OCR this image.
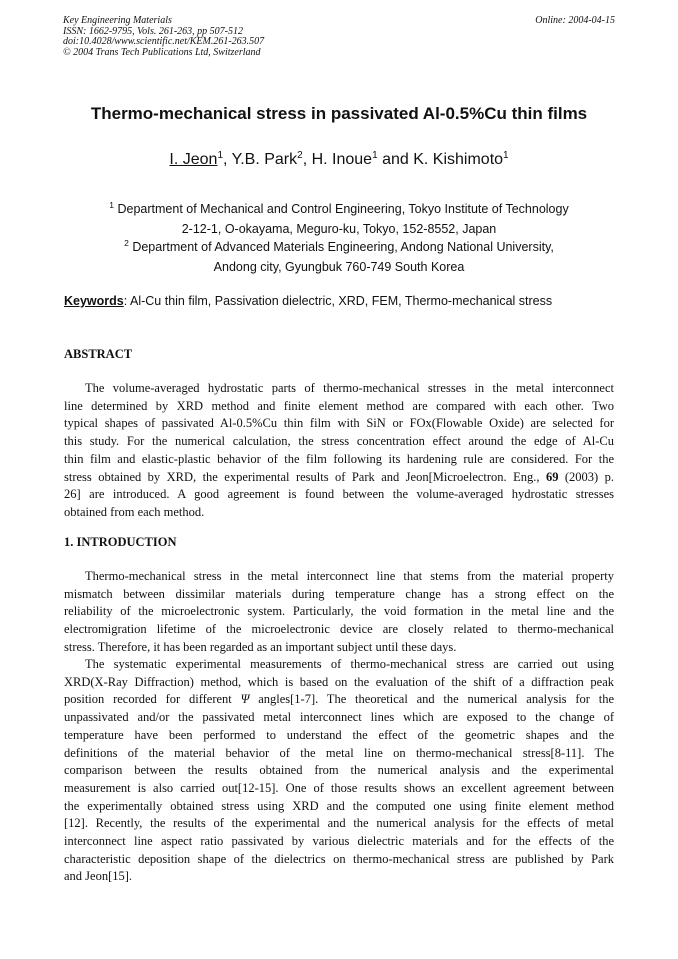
Key Engineering Materials
ISSN: 1662-9795, Vols. 261-263, pp 507-512
doi:10.4028/www.scientific.net/KEM.261-263.507
© 2004 Trans Tech Publications Ltd, Switzerland
Online: 2004-04-15
Thermo-mechanical stress in passivated Al-0.5%Cu thin films
I. Jeon$^1$, Y.B. Park$^2$, H. Inoue$^1$ and K. Kishimoto$^1$
$^1$ Department of Mechanical and Control Engineering, Tokyo Institute of Technology
2-12-1, O-okayama, Meguro-ku, Tokyo, 152-8552, Japan
$^2$ Department of Advanced Materials Engineering, Andong National University,
Andong city, Gyungbuk 760-749 South Korea
Keywords: Al-Cu thin film, Passivation dielectric, XRD, FEM, Thermo-mechanical stress
ABSTRACT
The volume-averaged hydrostatic parts of thermo-mechanical stresses in the metal interconnect
line determined by XRD method and finite element method are compared with each other. Two
typical shapes of passivated Al-0.5%Cu thin film with SiN or FOx(Flowable Oxide) are selected for
this study. For the numerical calculation, the stress concentration effect around the edge of Al-Cu
thin film and elastic-plastic behavior of the film following its hardening rule are considered. For the
stress obtained by XRD, the experimental results of Park and Jeon[Microelectron. Eng., 69 (2003) p.
26] are introduced. A good agreement is found between the volume-averaged hydrostatic stresses
obtained from each method.
1. INTRODUCTION
Thermo-mechanical stress in the metal interconnect line that stems from the material property
mismatch between dissimilar materials during temperature change has a strong effect on the
reliability of the microelectronic system. Particularly, the void formation in the metal line and the
electromigration lifetime of the microelectronic device are closely related to thermo-mechanical
stress. Therefore, it has been regarded as an important subject until these days.
The systematic experimental measurements of thermo-mechanical stress are carried out using
XRD(X-Ray Diffraction) method, which is based on the evaluation of the shift of a diffraction peak
position recorded for different Ψ angles[1-7]. The theoretical and the numerical analysis for the
unpassivated and/or the passivated metal interconnect lines which are exposed to the change of
temperature have been performed to understand the effect of the geometric shapes and the
definitions of the material behavior of the metal line on thermo-mechanical stress[8-11]. The
comparison between the results obtained from the numerical analysis and the experimental
measurement is also carried out[12-15]. One of those results shows an excellent agreement between
the experimentally obtained stress using XRD and the computed one using finite element method
[12]. Recently, the results of the experimental and the numerical analysis for the effects of metal
interconnect line aspect ratio passivated by various dielectric materials and for the effects of the
characteristic deposition shape of the dielectrics on thermo-mechanical stress are published by Park
and Jeon[15].
